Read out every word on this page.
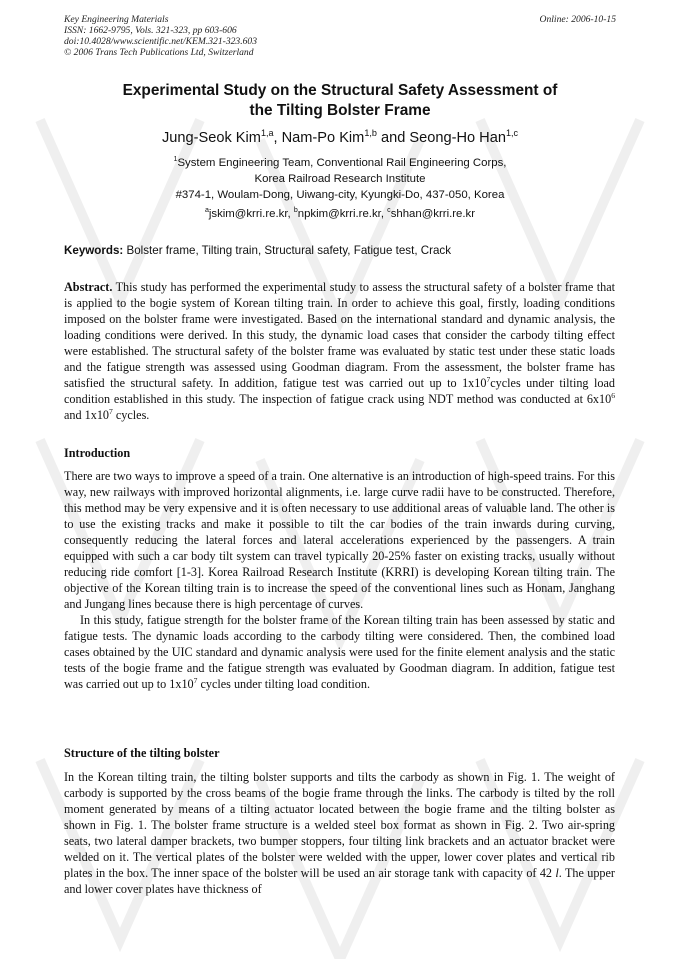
Key Engineering Materials
ISSN: 1662-9795, Vols. 321-323, pp 603-606
doi:10.4028/www.scientific.net/KEM.321-323.603
© 2006 Trans Tech Publications Ltd, Switzerland
Online: 2006-10-15
Experimental Study on the Structural Safety Assessment of
the Tilting Bolster Frame
Jung-Seok Kim$^{1,a}$, Nam-Po Kim$^{1,b}$ and Seong-Ho Han$^{1,c}$
$^1$System Engineering Team, Conventional Rail Engineering Corps,
Korea Railroad Research Institute
#374-1, Woulam-Dong, Uiwang-city, Kyungki-Do, 437-050, Korea
$^a$jskim@krri.re.kr, $^b$npkim@krri.re.kr, $^c$shhan@krri.re.kr
Keywords: Bolster frame, Tilting train, Structural safety, Fatigue test, Crack

Abstract. This study has performed the experimental study to assess the structural safety of a bolster frame that is applied to the bogie system of Korean tilting train. In order to achieve this goal, firstly, loading conditions imposed on the bolster frame were investigated. Based on the international standard and dynamic analysis, the loading conditions were derived. In this study, the dynamic load cases that consider the carbody tilting effect were established. The structural safety of the bolster frame was evaluated by static test under these static loads and the fatigue strength was assessed using Goodman diagram. From the assessment, the bolster frame has satisfied the structural safety. In addition, fatigue test was carried out up to $1x10^7cycles$ under tilting load condition established in this study. The inspection of fatigue crack using NDT method was conducted at $6x10^6$ and $1x10^7$ cycles.

Introduction

There are two ways to improve a speed of a train. One alternative is an introduction of high-speed trains. For this way, new railways with improved horizontal alignments, i.e. large curve radii have to be constructed. Therefore, this method may be very expensive and it is often necessary to use additional areas of valuable land. The other is to use the existing tracks and make it possible to tilt the car bodies of the train inwards during curving, consequently reducing the lateral forces and lateral accelerations experienced by the passengers. A train equipped with such a car body tilt system can travel typically 20-25% faster on existing tracks, usually without reducing ride comfort [1-3]. Korea Railroad Research Institute (KRRI) is developing Korean tilting train. The objective of the Korean tilting train is to increase the speed of the conventional lines such as Honam, Janghang and Jungang lines because there is high percentage of curves.

In this study, fatigue strength for the bolster frame of the Korean tilting train has been assessed by static and fatigue tests. The dynamic loads according to the carbody tilting were considered. Then, the combined load cases obtained by the UIC standard and dynamic analysis were used for the finite element analysis and the static tests of the bogie frame and the fatigue strength was evaluated by Goodman diagram. In addition, fatigue test was carried out up to $1x10^7$ cycles under tilting load condition.

Structure of the tilting bolster

In the Korean tilting train, the tilting bolster supports and tilts the carbody as shown in Fig. 1. The weight of carbody is supported by the cross beams of the bogie frame through the links. The carbody is tilted by the roll moment generated by means of a tilting actuator located between the bogie frame and the tilting bolster as shown in Fig. 1. The bolster frame structure is a welded steel box format as shown in Fig. 2. Two air-spring seats, two lateral damper brackets, two bumper stoppers, four tilting link brackets and an actuator bracket were welded on it. The vertical plates of the bolster were welded with the upper, lower cover plates and vertical rib plates in the box. The inner space of the bolster will be used an air storage tank with capacity of 42 l. The upper and lower cover plates have thickness of
